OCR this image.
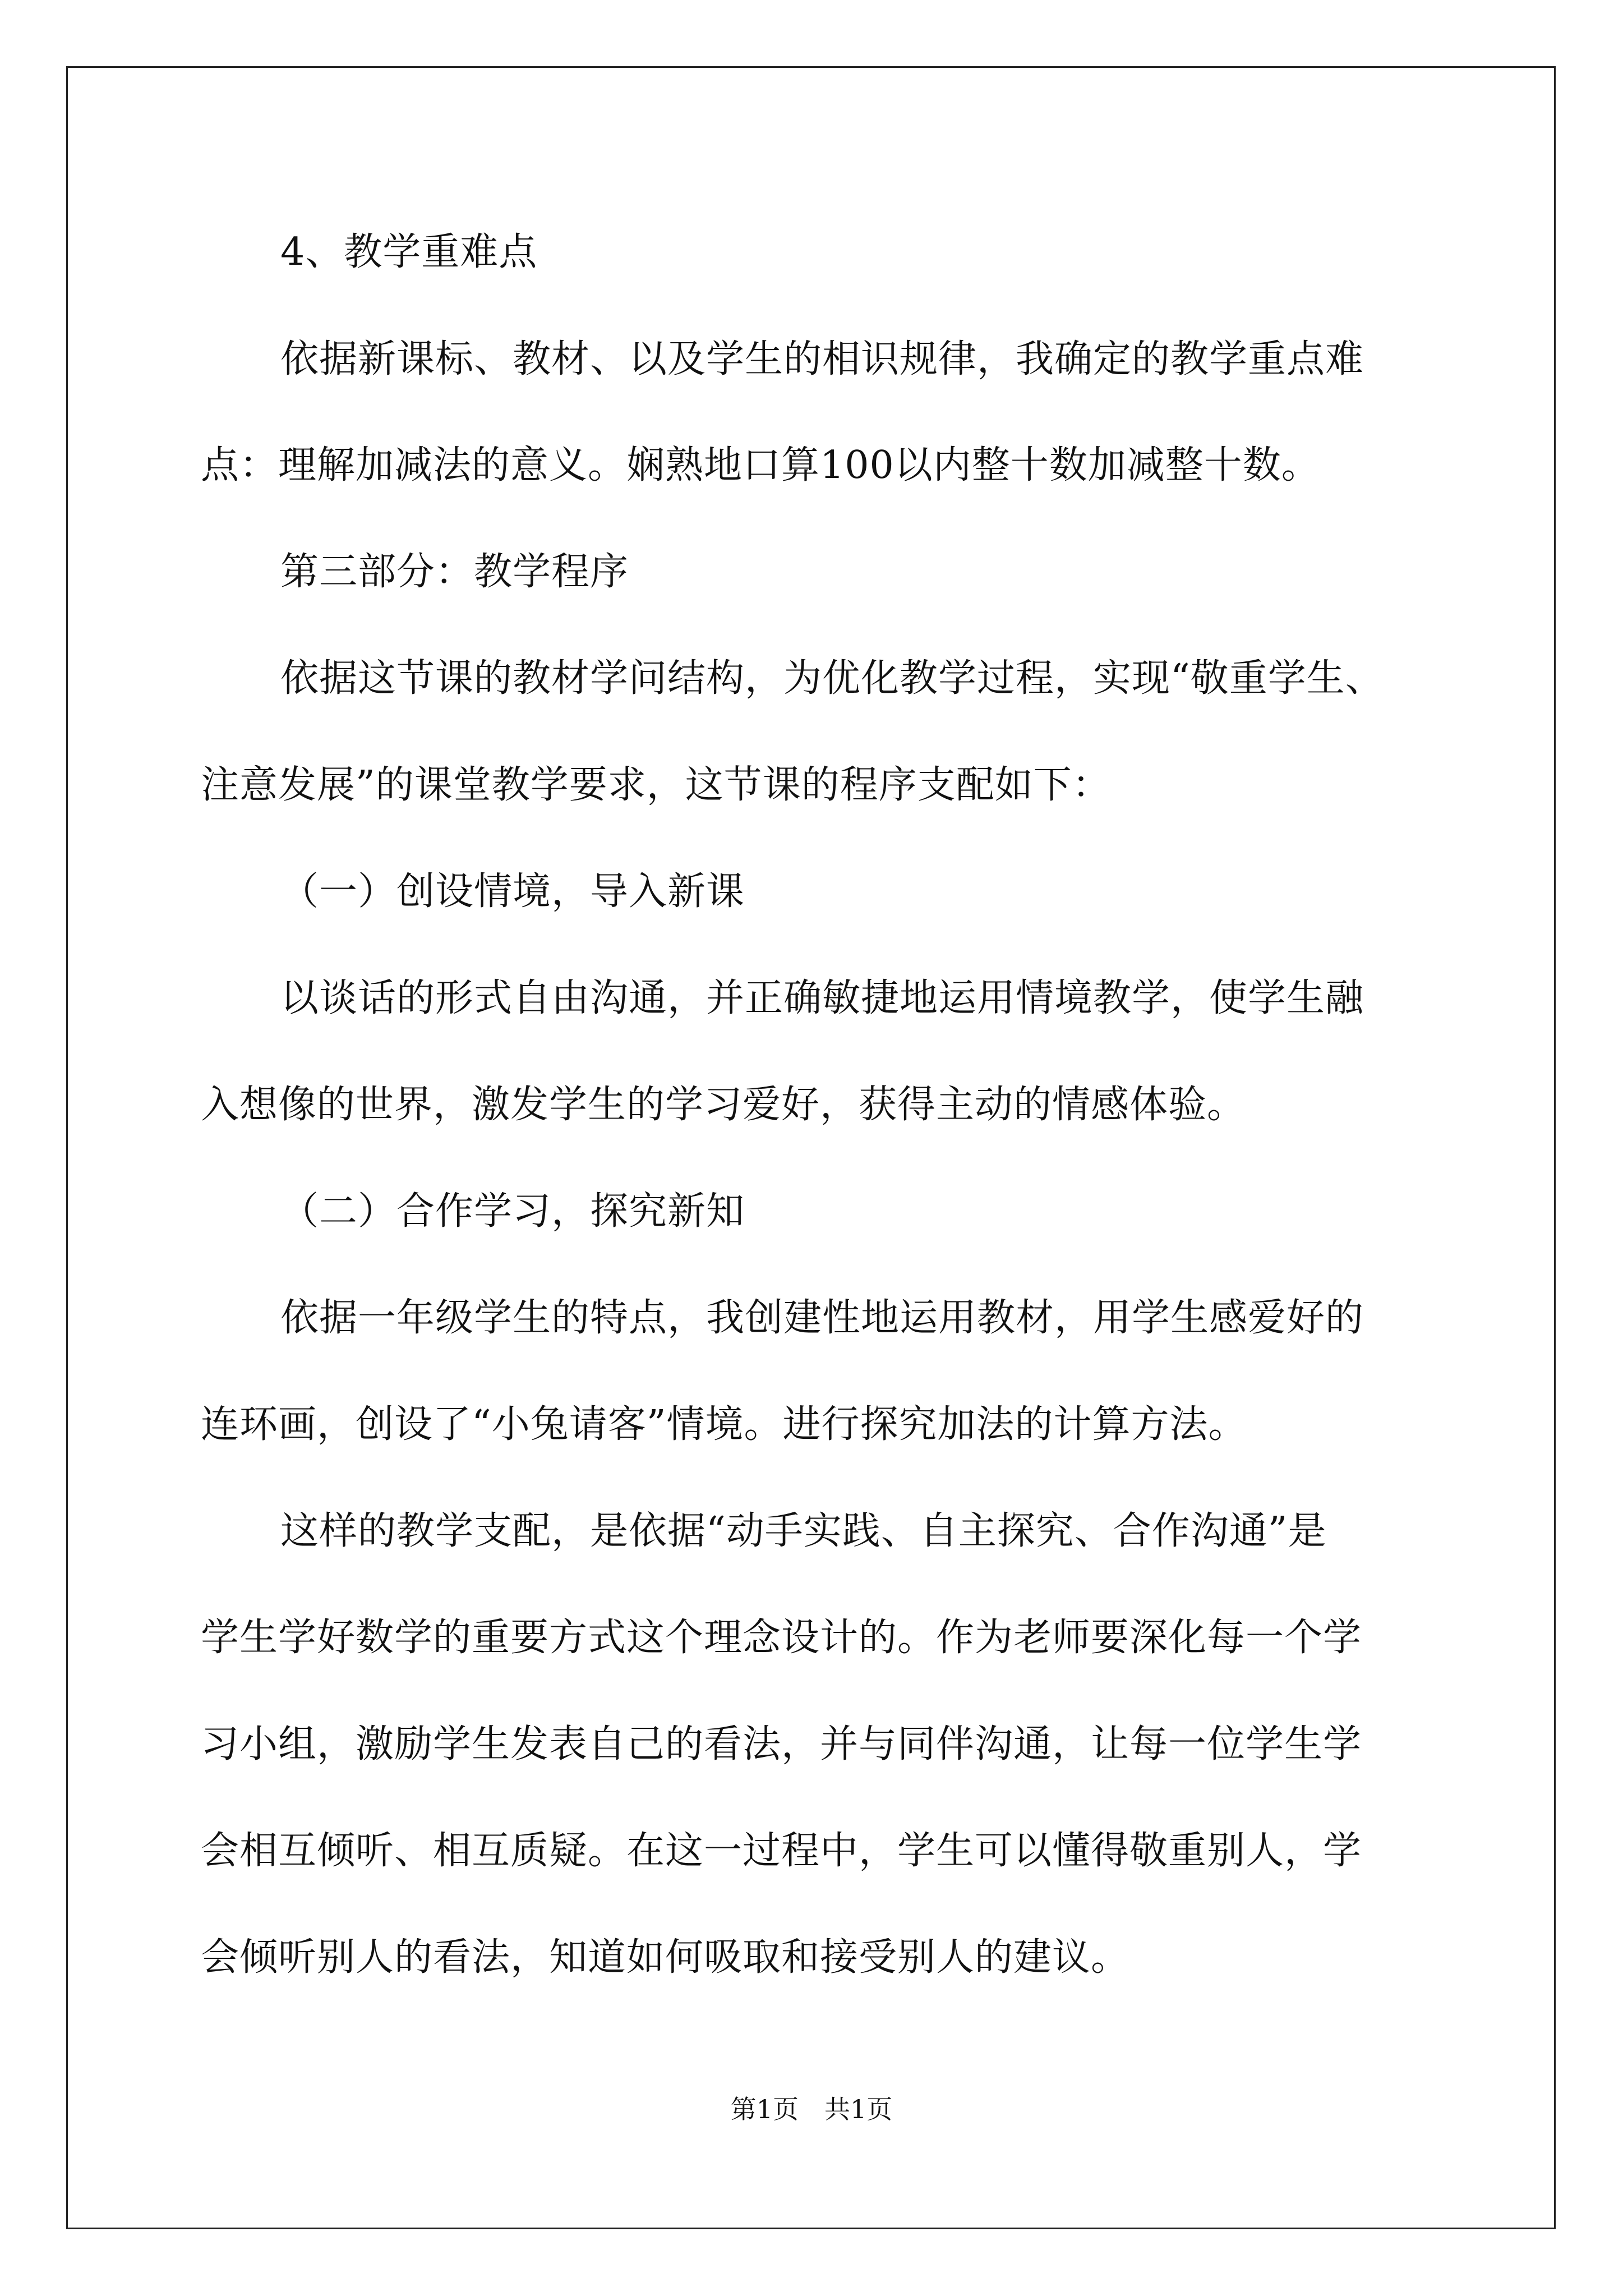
4、教学重难点
依据新课标、教材、以及学生的相识规律，我确定的教学重点难
点：理解加减法的意义。娴熟地口算100以内整十数加减整十数。
第三部分：教学程序
依据这节课的教材学问结构，为优化教学过程，实现“敬重学生、
注意发展”的课堂教学要求，这节课的程序支配如下：
（一）创设情境，导入新课
以谈话的形式自由沟通，并正确敏捷地运用情境教学，使学生融
入想像的世界，激发学生的学习爱好，获得主动的情感体验。
（二）合作学习，探究新知
依据一年级学生的特点，我创建性地运用教材，用学生感爱好的
连环画，创设了“小兔请客”情境。进行探究加法的计算方法。
这样的教学支配，是依据“动手实践、自主探究、合作沟通”是
学生学好数学的重要方式这个理念设计的。作为老师要深化每一个学
习小组，激励学生发表自己的看法，并与同伴沟通，让每一位学生学
会相互倾听、相互质疑。在这一过程中，学生可以懂得敬重别人，学
会倾听别人的看法，知道如何吸取和接受别人的建议。
第1页　共1页
